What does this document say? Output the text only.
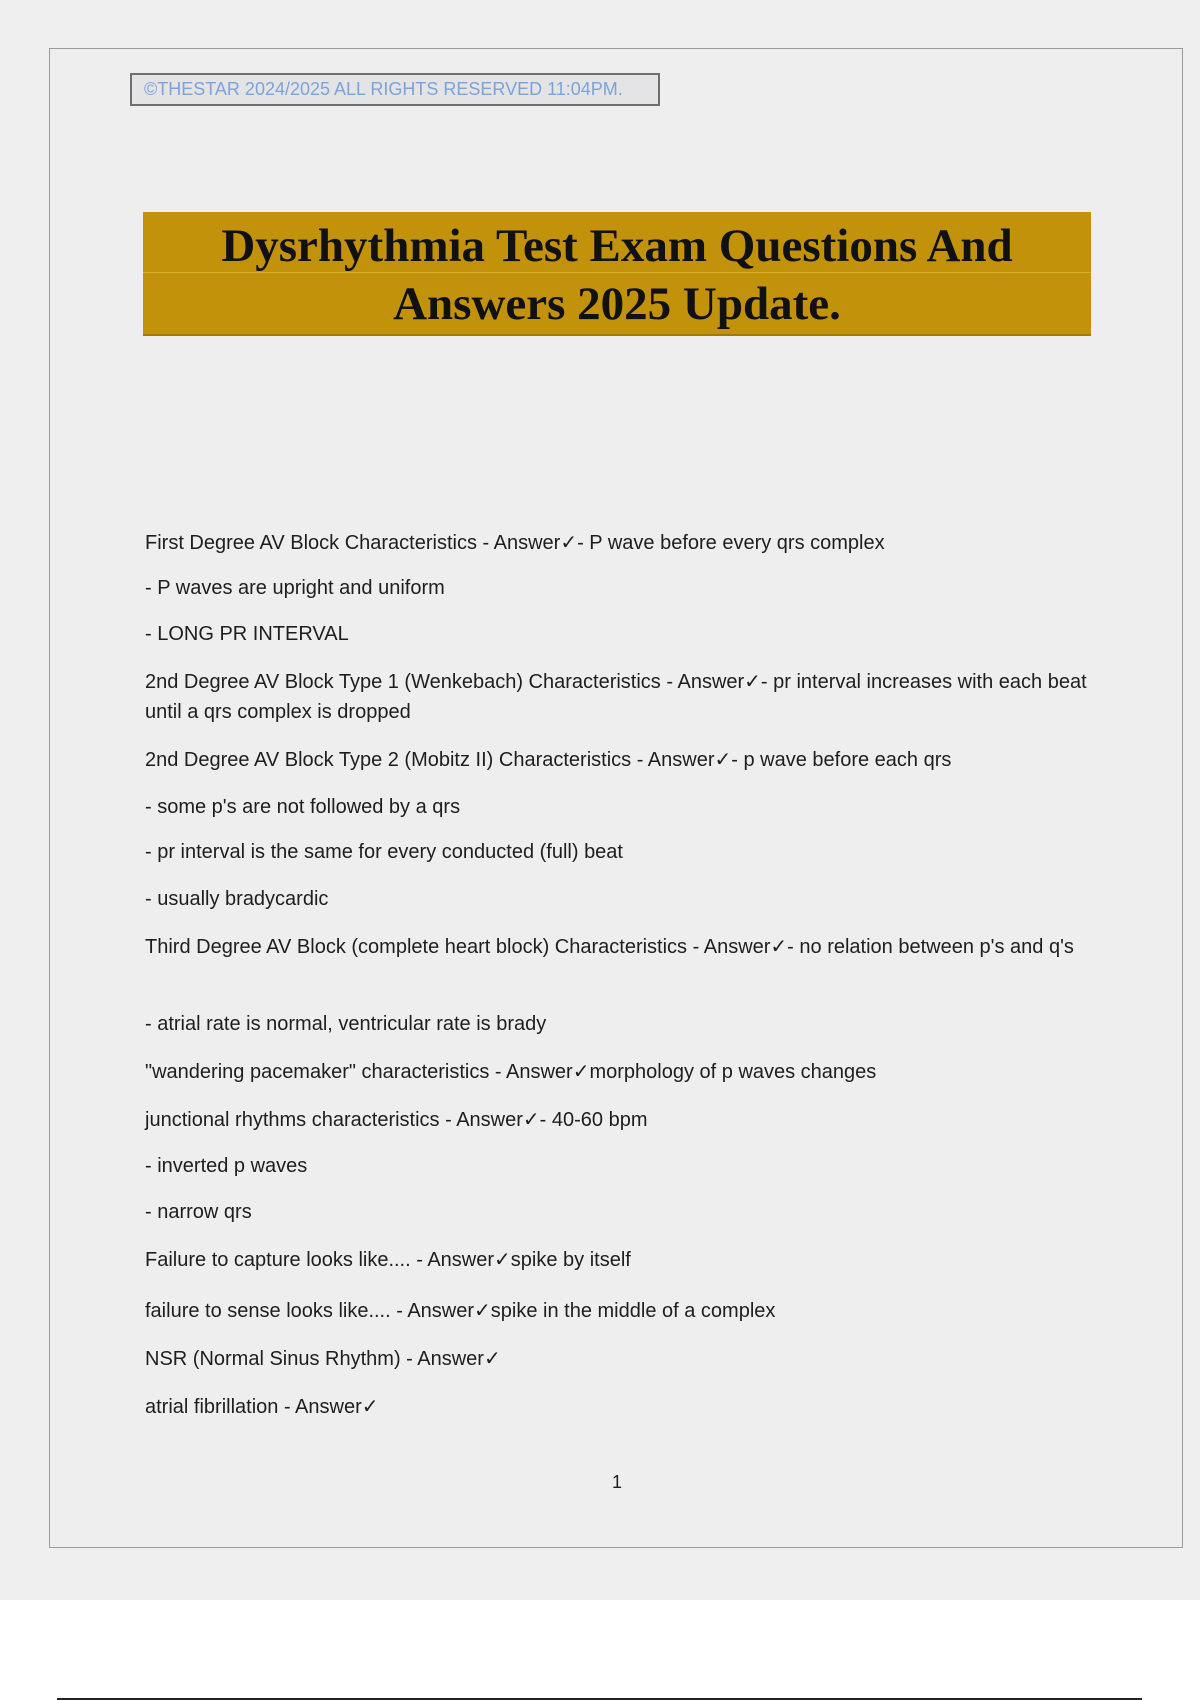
©THESTAR 2024/2025 ALL RIGHTS RESERVED 11:04PM.
Dysrhythmia Test Exam Questions And
Answers 2025 Update.
First Degree AV Block Characteristics - Answer✓- P wave before every qrs complex
- P waves are upright and uniform
- LONG PR INTERVAL
2nd Degree AV Block Type 1 (Wenkebach) Characteristics - Answer✓- pr interval increases with each beat until a qrs complex is dropped
2nd Degree AV Block Type 2 (Mobitz II) Characteristics - Answer✓- p wave before each qrs
- some p's are not followed by a qrs
- pr interval is the same for every conducted (full) beat
- usually bradycardic
Third Degree AV Block (complete heart block) Characteristics - Answer✓- no relation between p's and q's
- atrial rate is normal, ventricular rate is brady
"wandering pacemaker" characteristics - Answer✓morphology of p waves changes
junctional rhythms characteristics - Answer✓- 40-60 bpm
- inverted p waves
- narrow qrs
Failure to capture looks like.... - Answer✓spike by itself
failure to sense looks like.... - Answer✓spike in the middle of a complex
NSR (Normal Sinus Rhythm) - Answer✓
atrial fibrillation - Answer✓
1
